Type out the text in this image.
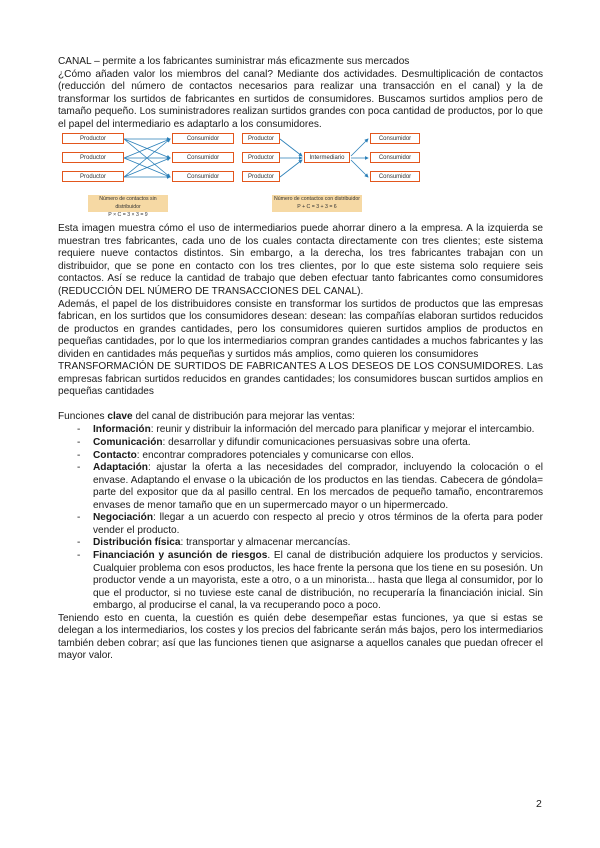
CANAL – permite a los fabricantes suministrar más eficazmente sus mercados

¿Cómo añaden valor los miembros del canal? Mediante dos actividades. Desmultiplicación de contactos (reducción del número de contactos necesarios para realizar una transacción en el canal) y la de transformar los surtidos de fabricantes en surtidos de consumidores. Buscamos surtidos amplios pero de tamaño pequeño. Los suministradores realizan surtidos grandes con poca cantidad de productos, por lo que el papel del intermediario es adaptarlo a los consumidores.

Productor
Productor
Productor
Consumidor
Consumidor
Consumidor
Productor
Productor
Productor
Intermediario
Consumidor
Consumidor
Consumidor
Número de contactos sin distribuidor
P × C = 3 × 3 = 9
Número de contactos con distribuidor
P + C = 3 + 3 = 6

Esta imagen muestra cómo el uso de intermediarios puede ahorrar dinero a la empresa. A la izquierda se muestran tres fabricantes, cada uno de los cuales contacta directamente con tres clientes; este sistema requiere nueve contactos distintos. Sin embargo, a la derecha, los tres fabricantes trabajan con un distribuidor, que se pone en contacto con los tres clientes, por lo que este sistema solo requiere seis contactos. Así se reduce la cantidad de trabajo que deben efectuar tanto fabricantes como consumidores (REDUCCIÓN DEL NÚMERO DE TRANSACCIONES DEL CANAL).

Además, el papel de los distribuidores consiste en transformar los surtidos de productos que las empresas fabrican, en los surtidos que los consumidores desean: desean: las compañías elaboran surtidos reducidos de productos en grandes cantidades, pero los consumidores quieren surtidos amplios de productos en pequeñas cantidades, por lo que los intermediarios compran grandes cantidades a muchos fabricantes y las dividen en cantidades más pequeñas y surtidos más amplios, como quieren los consumidores

TRANSFORMACIÓN DE SURTIDOS DE FABRICANTES A LOS DESEOS DE LOS CONSUMIDORES. Las empresas fabrican surtidos reducidos en grandes cantidades; los consumidores buscan surtidos amplios en pequeñas cantidades

Funciones clave del canal de distribución para mejorar las ventas:

- Información: reunir y distribuir la información del mercado para planificar y mejorar el intercambio.
- Comunicación: desarrollar y difundir comunicaciones persuasivas sobre una oferta.
- Contacto: encontrar compradores potenciales y comunicarse con ellos.
- Adaptación: ajustar la oferta a las necesidades del comprador, incluyendo la colocación o el envase. Adaptando el envase o la ubicación de los productos en las tiendas. Cabecera de góndola= parte del expositor que da al pasillo central. En los mercados de pequeño tamaño, encontraremos envases de menor tamaño que en un supermercado mayor o un hipermercado.
- Negociación: llegar a un acuerdo con respecto al precio y otros términos de la oferta para poder vender el producto.
- Distribución física: transportar y almacenar mercancías.
- Financiación y asunción de riesgos. El canal de distribución adquiere los productos y servicios. Cualquier problema con esos productos, les hace frente la persona que los tiene en su posesión. Un productor vende a un mayorista, este a otro, o a un minorista... hasta que llega al consumidor, por lo que el productor, si no tuviese este canal de distribución, no recuperaría la financiación inicial. Sin embargo, al producirse el canal, la va recuperando poco a poco.

Teniendo esto en cuenta, la cuestión es quién debe desempeñar estas funciones, ya que si estas se delegan a los intermediarios, los costes y los precios del fabricante serán más bajos, pero los intermediarios también deben cobrar; así que las funciones tienen que asignarse a aquellos canales que puedan ofrecer el mayor valor.

2
